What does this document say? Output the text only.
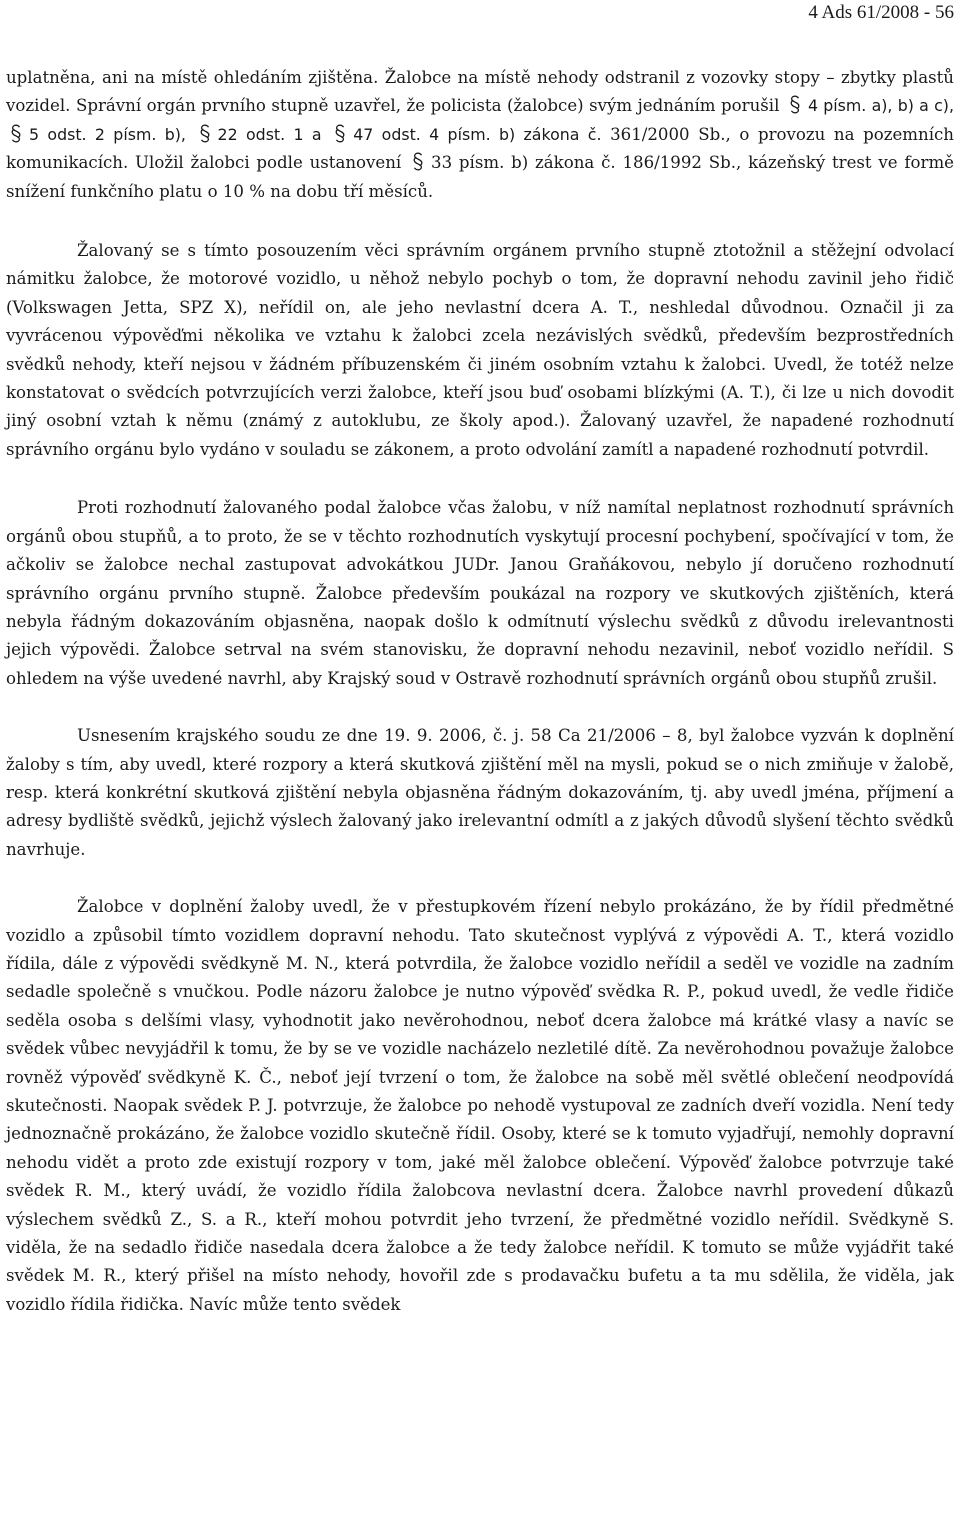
4 Ads 61/2008 - 56

uplatněna, ani na místě ohledáním zjištěna. Žalobce na místě nehody odstranil z vozovky stopy – zbytky plastů vozidel. Správní orgán prvního stupně uzavřel, že policista (žalobce) svým jednáním porušil 4 písm. a), b) a c),
5 odst. 2 písm. b), 22 odst. 1 a 47 odst. 4 písm. b) zákona č. 361/2000 Sb., o provozu na pozemních komunikacích. Uložil žalobci podle ustanovení 33 písm. b) zákona č. 186/1992 Sb., kázeňský trest ve formě snížení funkčního platu o 10 % na dobu tří měsíců.

Žalovaný se s tímto posouzením věci správním orgánem prvního stupně ztotožnil a stěžejní odvolací námitku žalobce, že motorové vozidlo, u něhož nebylo pochyb o tom, že dopravní nehodu zavinil jeho řidič (Volkswagen Jetta, SPZ X), neřídil on, ale jeho nevlastní dcera A. T., neshledal důvodnou. Označil ji za vyvrácenou výpověďmi několika ve vztahu k žalobci zcela nezávislých svědků, především bezprostředních svědků nehody, kteří nejsou v žádném příbuzenském či jiném osobním vztahu k žalobci. Uvedl, že totéž nelze konstatovat o svědcích potvrzujících verzi žalobce, kteří jsou buď osobami blízkými (A. T.), či lze u nich dovodit jiný osobní vztah k němu (známý z autoklubu, ze školy apod.). Žalovaný uzavřel, že napadené rozhodnutí správního orgánu bylo vydáno v souladu se zákonem, a proto odvolání zamítl a napadené rozhodnutí potvrdil.

Proti rozhodnutí žalovaného podal žalobce včas žalobu, v níž namítal neplatnost rozhodnutí správních orgánů obou stupňů, a to proto, že se v těchto rozhodnutích vyskytují procesní pochybení, spočívající v tom, že ačkoliv se žalobce nechal zastupovat advokátkou JUDr. Janou Graňákovou, nebylo jí doručeno rozhodnutí správního orgánu prvního stupně. Žalobce především poukázal na rozpory ve skutkových zjištěních, která nebyla řádným dokazováním objasněna, naopak došlo k odmítnutí výslechu svědků z důvodu irelevantnosti jejich výpovědi. Žalobce setrval na svém stanovisku, že dopravní nehodu nezavinil, neboť vozidlo neřídil. S ohledem na výše uvedené navrhl, aby Krajský soud v Ostravě rozhodnutí správních orgánů obou stupňů zrušil.

Usnesením krajského soudu ze dne 19. 9. 2006, č. j. 58 Ca 21/2006 – 8, byl žalobce vyzván k doplnění žaloby s tím, aby uvedl, které rozpory a která skutková zjištění měl na mysli, pokud se o nich zmiňuje v žalobě, resp. která konkrétní skutková zjištění nebyla objasněna řádným dokazováním, tj. aby uvedl jména, příjmení a adresy bydliště svědků, jejichž výslech žalovaný jako irelevantní odmítl a z jakých důvodů slyšení těchto svědků navrhuje.

Žalobce v doplnění žaloby uvedl, že v přestupkovém řízení nebylo prokázáno, že by řídil předmětné vozidlo a způsobil tímto vozidlem dopravní nehodu. Tato skutečnost vyplývá z výpovědi A. T., která vozidlo řídila, dále z výpovědi svědkyně M. N., která potvrdila, že žalobce vozidlo neřídil a seděl ve vozidle na zadním sedadle společně s vnučkou. Podle názoru žalobce je nutno výpověď svědka R. P., pokud uvedl, že vedle řidiče seděla osoba s delšími vlasy, vyhodnotit jako nevěrohodnou, neboť dcera žalobce má krátké vlasy a navíc se svědek vůbec nevyjádřil k tomu, že by se ve vozidle nacházelo nezletilé dítě. Za nevěrohodnou považuje žalobce rovněž výpověď svědkyně K. Č., neboť její tvrzení o tom, že žalobce na sobě měl světlé oblečení neodpovídá skutečnosti. Naopak svědek P. J. potvrzuje, že žalobce po nehodě vystupoval ze zadních dveří vozidla. Není tedy jednoznačně prokázáno, že žalobce vozidlo skutečně řídil. Osoby, které se k tomuto vyjadřují, nemohly dopravní nehodu vidět a proto zde existují rozpory v tom, jaké měl žalobce oblečení. Výpověď žalobce potvrzuje také svědek R. M., který uvádí, že vozidlo řídila žalobcova nevlastní dcera. Žalobce navrhl provedení důkazů výslechem svědků Z., S. a R., kteří mohou potvrdit jeho tvrzení, že předmětné vozidlo neřídil. Svědkyně S. viděla, že na sedadlo řidiče nasedala dcera žalobce a že tedy žalobce neřídil. K tomuto se může vyjádřit také svědek M. R., který přišel na místo nehody, hovořil zde s prodavačku bufetu a ta mu sdělila, že viděla, jak vozidlo řídila řidička. Navíc může tento svědek
